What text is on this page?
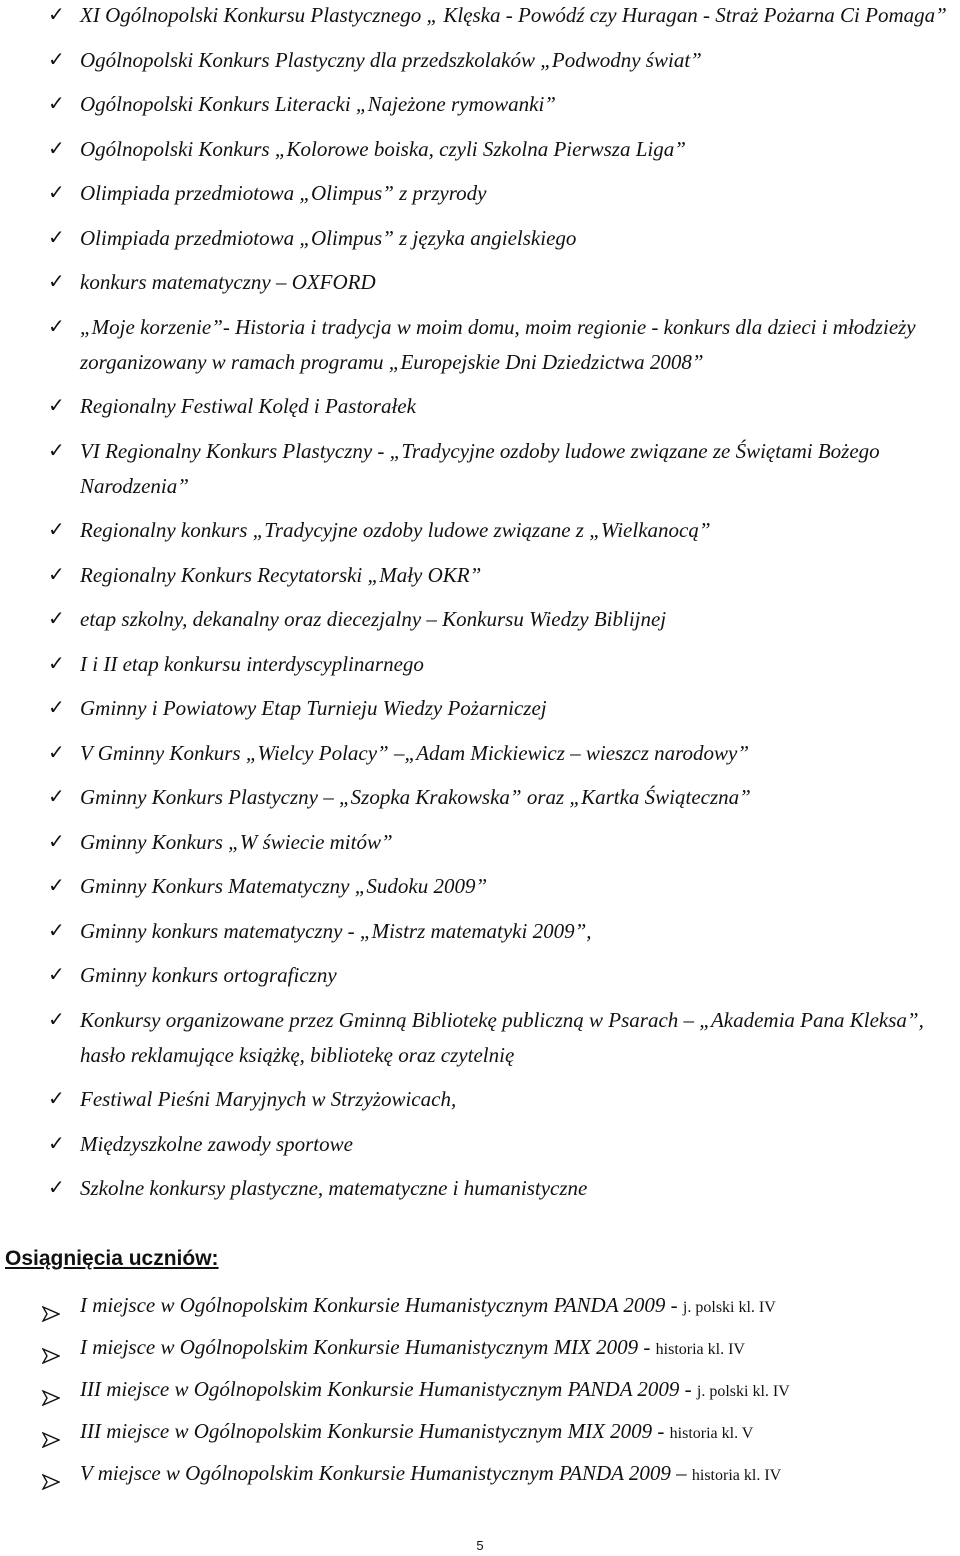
✓ XI Ogólnopolski Konkursu Plastycznego „ Klęska - Powódź czy Huragan - Straż Pożarna Ci Pomaga”
✓ Ogólnopolski Konkurs Plastyczny dla przedszkolaków „Podwodny świat”
✓ Ogólnopolski Konkurs Literacki „Najeżone rymowanki”
✓ Ogólnopolski Konkurs „Kolorowe boiska, czyli Szkolna Pierwsza Liga”
✓ Olimpiada przedmiotowa „Olimpus” z przyrody
✓ Olimpiada przedmiotowa „Olimpus” z języka angielskiego
✓ konkurs matematyczny – OXFORD
✓ „Moje korzenie”- Historia i tradycja w moim domu, moim regionie - konkurs dla dzieci i młodzieży zorganizowany w ramach programu „Europejskie Dni Dziedzictwa 2008”
✓ Regionalny Festiwal Kolęd i Pastorałek
✓ VI Regionalny Konkurs Plastyczny - „Tradycyjne ozdoby ludowe związane ze Świętami Bożego Narodzenia”
✓ Regionalny konkurs „Tradycyjne ozdoby ludowe związane z „Wielkanocą”
✓ Regionalny Konkurs Recytatorski „Mały OKR”
✓ etap szkolny, dekanalny oraz diecezjalny – Konkursu Wiedzy Biblijnej
✓ I i II etap konkursu interdyscyplinarnego
✓ Gminny i Powiatowy Etap Turnieju Wiedzy Pożarniczej
✓ V Gminny Konkurs „Wielcy Polacy” –„Adam Mickiewicz – wieszcz narodowy”
✓ Gminny Konkurs Plastyczny – „Szopka Krakowska” oraz „Kartka Świąteczna”
✓ Gminny Konkurs „W świecie mitów”
✓ Gminny Konkurs Matematyczny „Sudoku 2009”
✓ Gminny konkurs matematyczny - „Mistrz matematyki 2009”,
✓ Gminny konkurs ortograficzny
✓ Konkursy organizowane przez Gminną Bibliotekę publiczną w Psarach – „Akademia Pana Kleksa”, hasło reklamujące książkę, bibliotekę oraz czytelnię
✓ Festiwal Pieśni Maryjnych w Strzyżowicach,
✓ Międzyszkolne zawody sportowe
✓ Szkolne konkursy plastyczne, matematyczne i humanistyczne
Osiągnięcia uczniów:
I miejsce w Ogólnopolskim Konkursie Humanistycznym PANDA 2009 - j. polski kl. IV
I miejsce w Ogólnopolskim Konkursie Humanistycznym MIX 2009 - historia kl. IV
III miejsce w Ogólnopolskim Konkursie Humanistycznym PANDA 2009 - j. polski kl. IV
III miejsce w Ogólnopolskim Konkursie Humanistycznym MIX 2009 - historia kl. V
V miejsce w Ogólnopolskim Konkursie Humanistycznym PANDA 2009 – historia kl. IV
5
